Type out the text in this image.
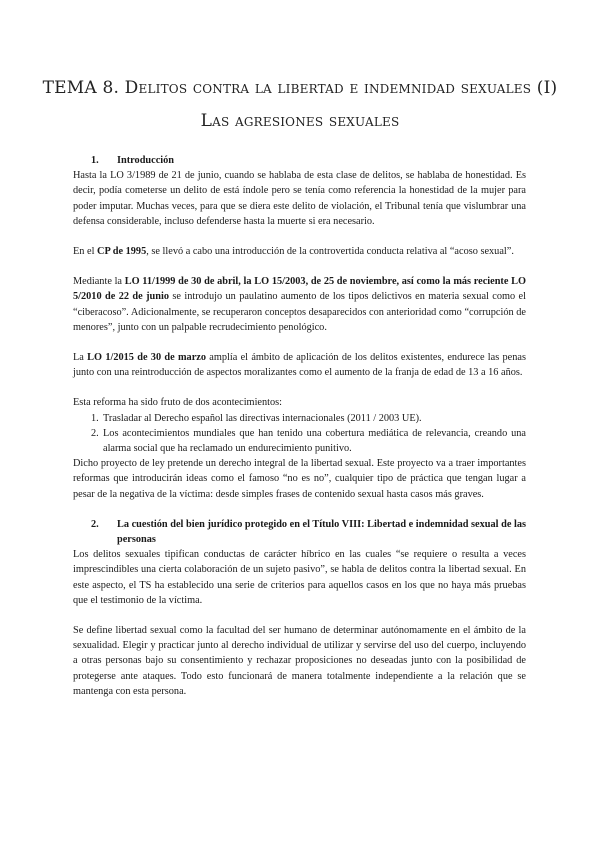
TEMA 8. Delitos contra la libertad e indemnidad sexuales (I)
Las agresiones sexuales
1.	Introducción

Hasta la LO 3/1989 de 21 de junio, cuando se hablaba de esta clase de delitos, se hablaba de honestidad. Es decir, podía cometerse un delito de está índole pero se tenía como referencia la honestidad de la mujer para poder imputar. Muchas veces, para que se diera este delito de violación, el Tribunal tenía que vislumbrar una defensa considerable, incluso defenderse hasta la muerte si era necesario.

En el CP de 1995, se llevó a cabo una introducción de la controvertida conducta relativa al “acoso sexual”.

Mediante la LO 11/1999 de 30 de abril, la LO 15/2003, de 25 de noviembre, así como la más reciente LO 5/2010 de 22 de junio se introdujo un paulatino aumento de los tipos delictivos en materia sexual como el “ciberacoso”. Adicionalmente, se recuperaron conceptos desaparecidos con anterioridad como “corrupción de menores”, junto con un palpable recrudecimiento penológico.

La LO 1/2015 de 30 de marzo amplía el ámbito de aplicación de los delitos existentes, endurece las penas junto con una reintroducción de aspectos moralizantes como el aumento de la franja de edad de 13 a 16 años.

Esta reforma ha sido fruto de dos acontecimientos:

1. Trasladar al Derecho español las directivas internacionales (2011 / 2003 UE).
2. Los acontecimientos mundiales que han tenido una cobertura mediática de relevancia, creando una alarma social que ha reclamado un endurecimiento punitivo.

Dicho proyecto de ley pretende un derecho integral de la libertad sexual. Este proyecto va a traer importantes reformas que introducirán ideas como el famoso “no es no”, cualquier tipo de práctica que tengan lugar a pesar de la negativa de la víctima: desde simples frases de contenido sexual hasta casos más graves.

2.	La cuestión del bien jurídico protegido en el Título VIII: Libertad e indemnidad sexual de las personas

Los delitos sexuales tipifican conductas de carácter híbrico en las cuales “se requiere o resulta a veces imprescindibles una cierta colaboración de un sujeto pasivo”, se habla de delitos contra la libertad sexual. En este aspecto, el TS ha establecido una serie de criterios para aquellos casos en los que no haya más pruebas que el testimonio de la víctima.

Se define libertad sexual como la facultad del ser humano de determinar autónomamente en el ámbito de la sexualidad. Elegir y practicar junto al derecho individual de utilizar y servirse del uso del cuerpo, incluyendo a otras personas bajo su consentimiento y rechazar proposiciones no deseadas junto con la posibilidad de protegerse ante ataques. Todo esto funcionará de manera totalmente independiente a la relación que se mantenga con esta persona.
